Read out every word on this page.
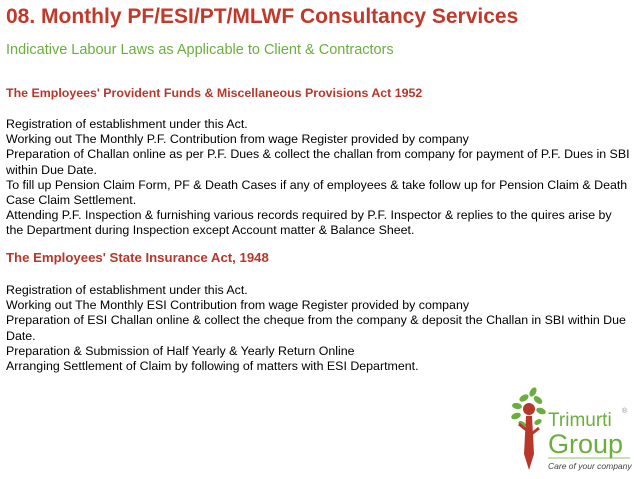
08. Monthly PF/ESI/PT/MLWF Consultancy Services
Indicative Labour Laws as Applicable to Client & Contractors
The Employees' Provident Funds & Miscellaneous Provisions Act 1952
Registration of establishment under this Act.
Working out The Monthly P.F. Contribution from wage Register provided by company
Preparation of Challan online as per P.F. Dues & collect the challan from company for payment of P.F. Dues in SBI within Due Date.
To fill up Pension Claim Form, PF & Death Cases if any of employees & take follow up for Pension Claim & Death Case Claim Settlement.
Attending P.F. Inspection & furnishing various records required by P.F. Inspector & replies to the quires arise by the Department during Inspection except Account matter & Balance Sheet.
The Employees' State Insurance Act, 1948
Registration of establishment under this Act.
Working out The Monthly ESI Contribution from wage Register provided by company
Preparation of ESI Challan online & collect the cheque from the company & deposit the Challan in SBI within Due Date.
Preparation & Submission of Half Yearly & Yearly Return Online
Arranging Settlement of Claim by following of matters with ESI Department.
Trimurti ®
Group
Care of your company
